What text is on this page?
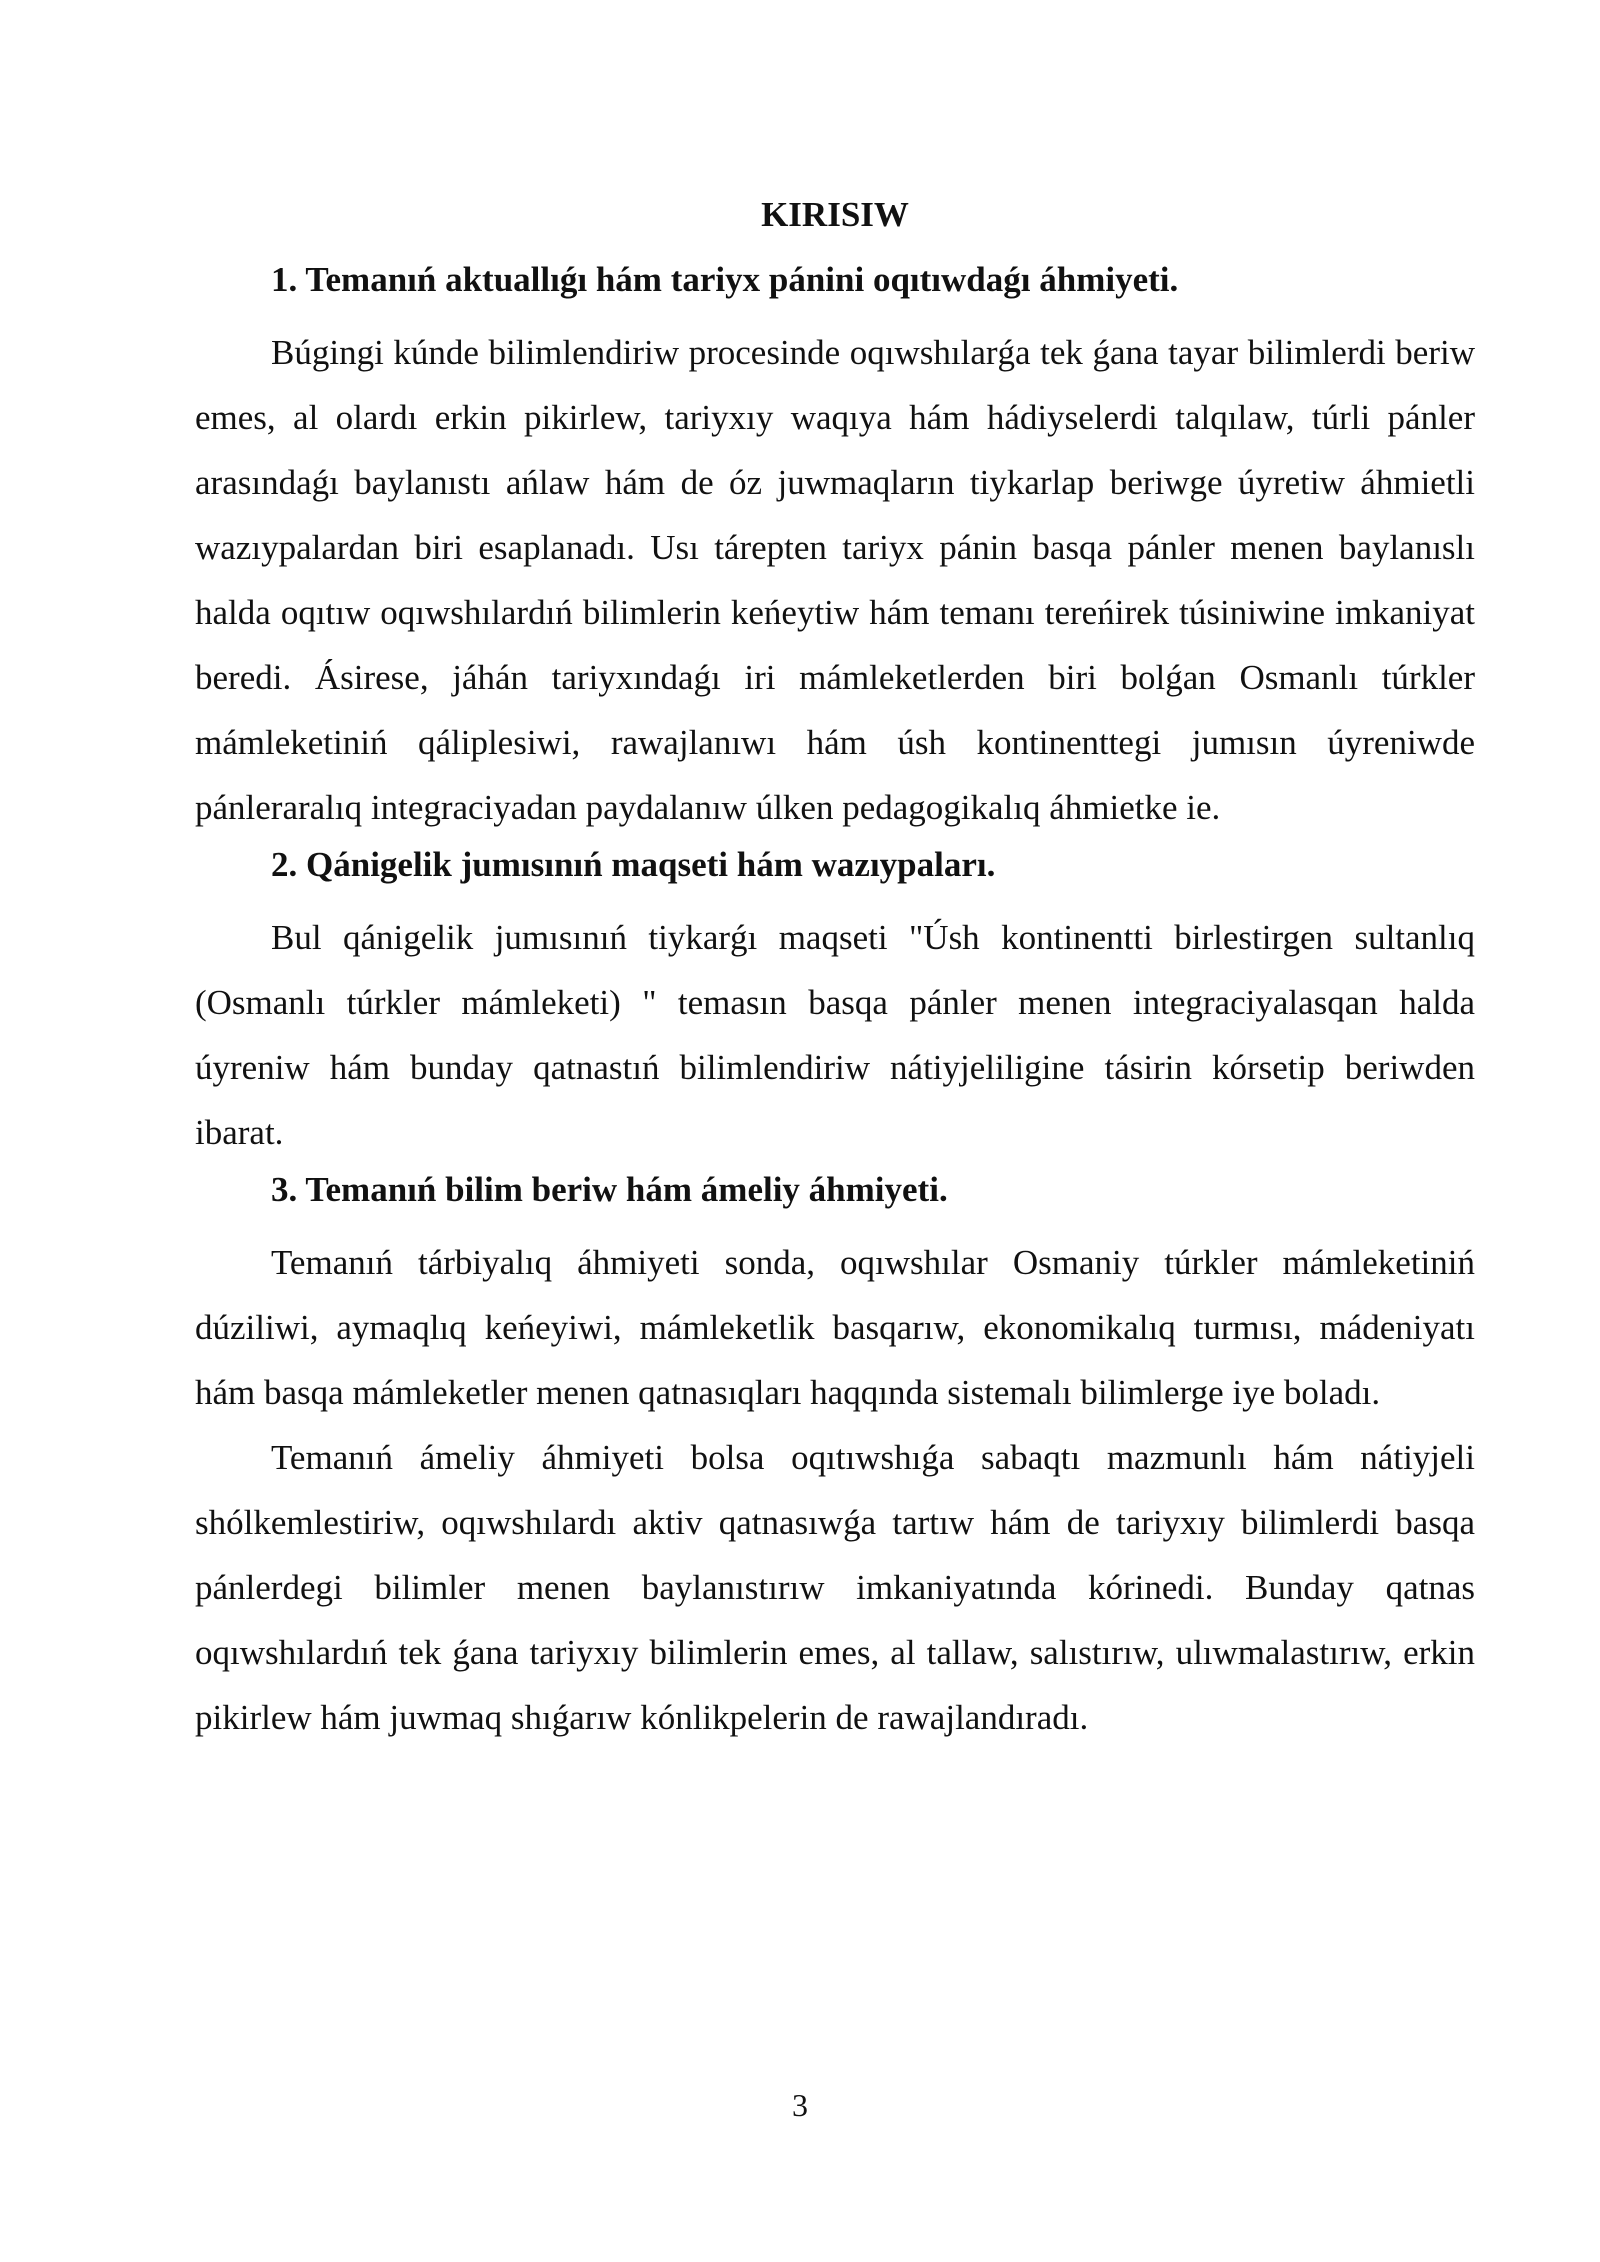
KIRISIW
1. Temanıń aktuallıǵı hám tariyx pánini oqıtıwdaǵı áhmiyeti.

Búgingi kúnde bilimlendiriw procesinde oqıwshılarǵa tek ǵana tayar bilimlerdi beriw emes, al olardı erkin pikirlew, tariyxıy waqıya hám hádiyselerdi talqılaw, túrli pánler arasındaǵı baylanıstı ańlaw hám de óz juwmaqların tiykarlap beriwge úyretiw áhmietli wazıypalardan biri esaplanadı. Usı tárepten tariyx pánin basqa pánler menen baylanıslı halda oqıtıw oqıwshılardıń bilimlerin keńeytiw hám temanı tereńirek túsiniwine imkaniyat beredi. Ásirese, jáhán tariyxındaǵı iri mámleketlerden biri bolǵan Osmanlı túrkler mámleketiniń qáliplesiwi, rawajlanıwı hám úsh kontinenttegi jumısın úyreniwde pánleraralıq integraciyadan paydalanıw úlken pedagogikalıq áhmietke ie.

2. Qánigelik jumısınıń maqseti hám wazıypaları.

Bul qánigelik jumısınıń tiykarǵı maqseti "Úsh kontinentti birlestirgen sultanlıq (Osmanlı túrkler mámleketi) " temasın basqa pánler menen integraciyalasqan halda úyreniw hám bunday qatnastıń bilimlendiriw nátiyjeliligine tásirin kórsetip beriwden ibarat.

3. Temanıń bilim beriw hám ámeliy áhmiyeti.

Temanıń tárbiyalıq áhmiyeti sonda, oqıwshılar Osmaniy túrkler mámleketiniń dúziliwi, aymaqlıq keńeyiwi, mámleketlik basqarıw, ekonomikalıq turmısı, mádeniyatı hám basqa mámleketler menen qatnasıqları haqqında sistemalı bilimlerge iye boladı.

Temanıń ámeliy áhmiyeti bolsa oqıtıwshıǵa sabaqtı mazmunlı hám nátiyjeli shólkemlestiriw, oqıwshılardı aktiv qatnasıwǵa tartıw hám de tariyxıy bilimlerdi basqa pánlerdegi bilimler menen baylanıstırıw imkaniyatında kórinedi. Bunday qatnas oqıwshılardıń tek ǵana tariyxıy bilimlerin emes, al tallaw, salıstırıw, ulıwmalastırıw, erkin pikirlew hám juwmaq shıǵarıw kónlikpelerin de rawajlandıradı.

3
